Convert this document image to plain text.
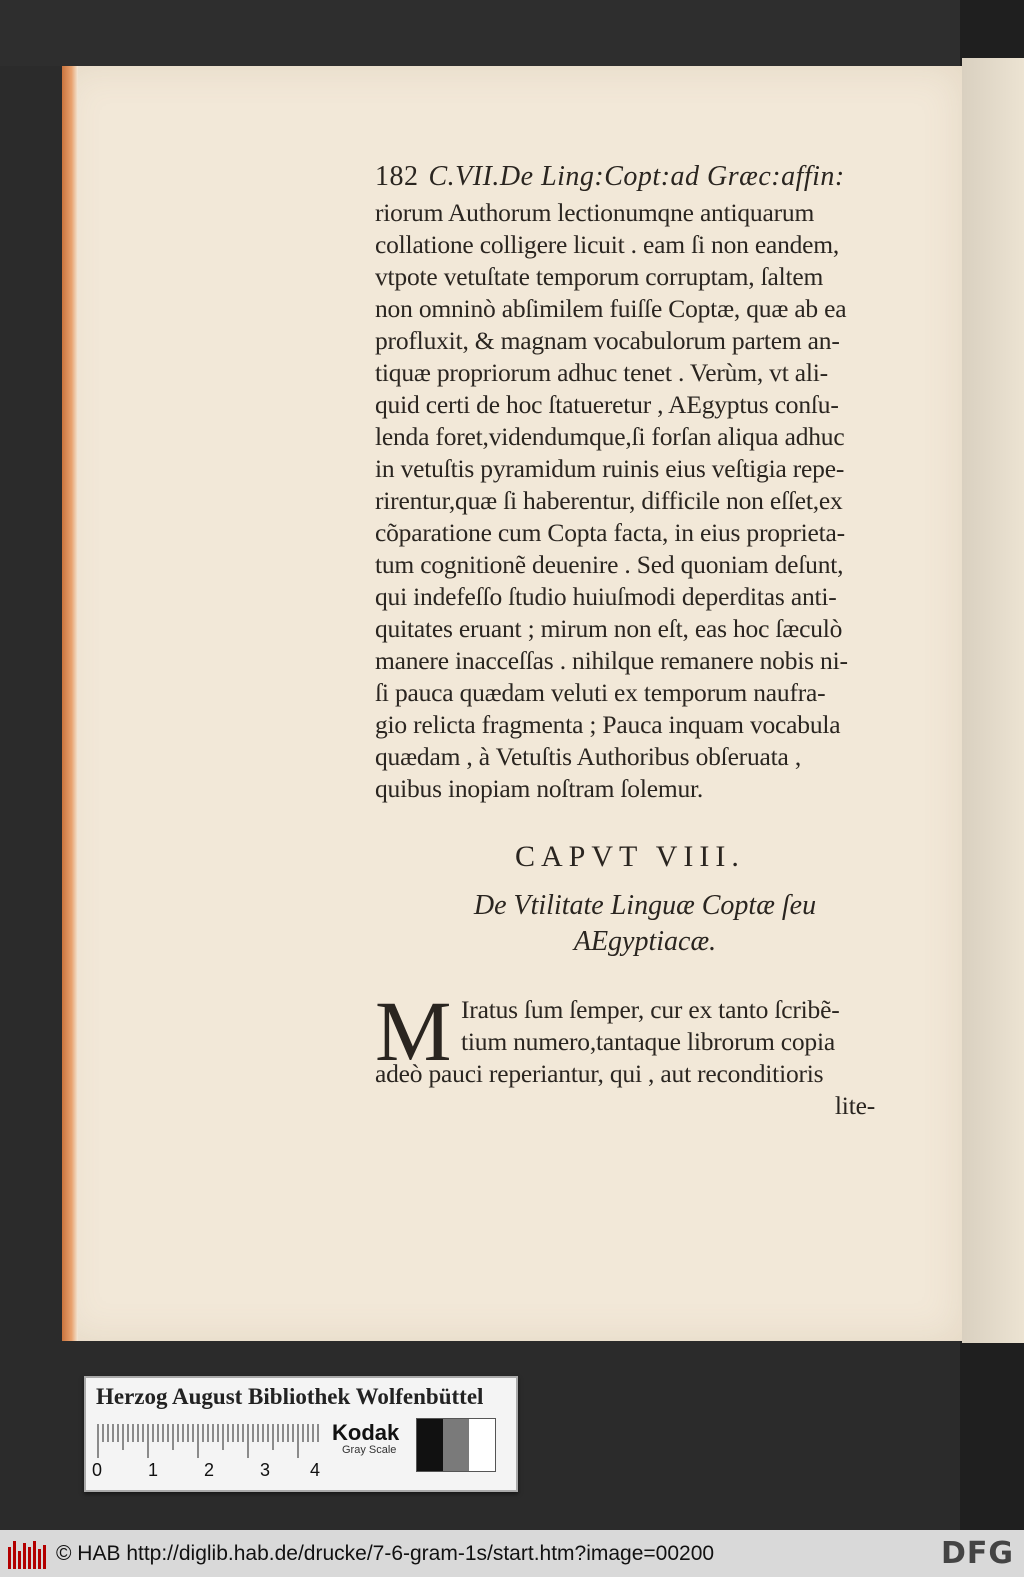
182 C.VII.De Ling:Copt:ad Græc:affin:
riorum Authorum lectionumqne antiquarum
collatione colligere licuit . eam ſi non eandem,
vtpote vetuſtate temporum corruptam, ſaltem
non omninò abſimilem fuiſſe Coptæ, quæ ab ea
profluxit, & magnam vocabulorum partem an-
tiquæ propriorum adhuc tenet . Verùm, vt ali-
quid certi de hoc ſtatueretur , AEgyptus conſu-
lenda foret,videndumque,ſi forſan aliqua adhuc
in vetuſtis pyramidum ruinis eius veſtigia repe-
rirentur,quæ ſi haberentur, difficile non eſſet,ex
cõparatione cum Copta facta, in eius proprieta-
tum cognitionẽ deuenire . Sed quoniam deſunt,
qui indefeſſo ſtudio huiuſmodi deperditas anti-
quitates eruant ; mirum non eſt, eas hoc ſæculò
manere inacceſſas . nihilque remanere nobis ni-
ſi pauca quædam veluti ex temporum naufra-
gio relicta fragmenta ; Pauca inquam vocabula
quædam , à Vetuſtis Authoribus obſeruata ,
quibus inopiam noſtram ſolemur.
CAPVT VIII.
De Vtilitate Linguæ Coptæ ſeu
AEgyptiacæ.
M Iratus ſum ſemper, cur ex tanto ſcribẽ-
tium numero,tantaque librorum copia
adeò pauci reperiantur, qui , aut reconditioris
lite-
Herzog August Bibliothek Wolfenbüttel
0	1	2	3 4
Kodak
Gray Scale
© HAB http://diglib.hab.de/drucke/7-6-gram-1s/start.htm?image=00200	DFG
